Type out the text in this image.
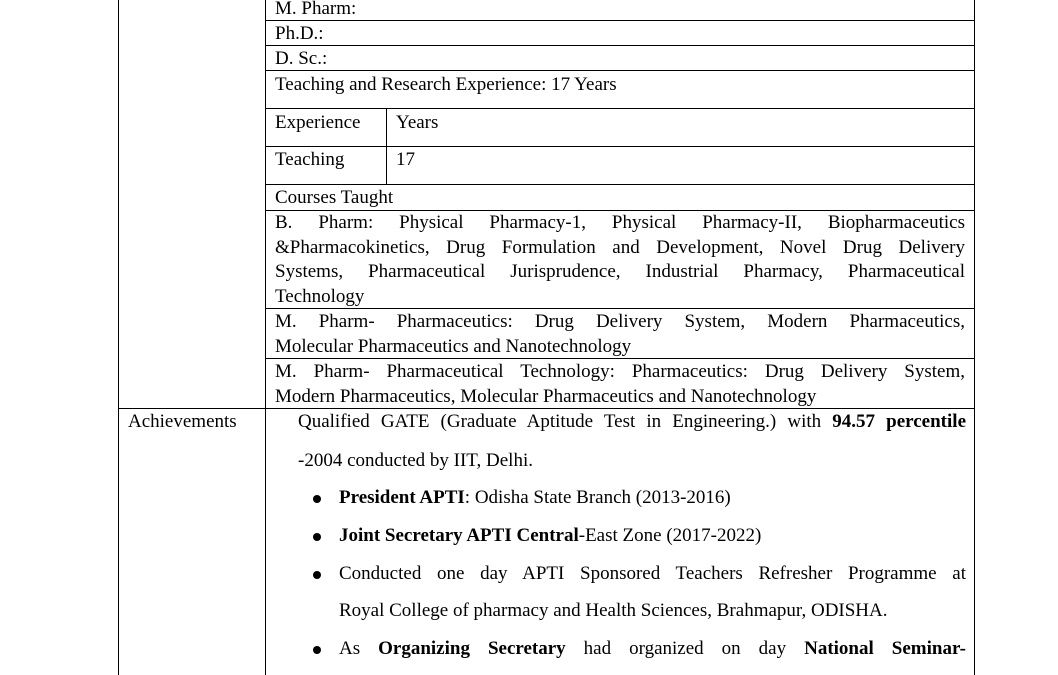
M. Pharm:
Ph.D.:
D. Sc.:
Teaching and Research Experience: 17 Years
Experience Years
Teaching	17
Courses Taught
B. Pharm: Physical Pharmacy-1, Physical Pharmacy-II, Biopharmaceutics
&Pharmacokinetics, Drug Formulation and Development, Novel Drug Delivery
Systems, Pharmaceutical Jurisprudence, Industrial Pharmacy, Pharmaceutical
Technology
M. Pharm- Pharmaceutics: Drug Delivery System, Modern Pharmaceutics,
Molecular Pharmaceutics and Nanotechnology
M. Pharm- Pharmaceutical Technology: Pharmaceutics: Drug Delivery System,
Modern Pharmaceutics, Molecular Pharmaceutics and Nanotechnology
Achievements	Qualified GATE (Graduate Aptitude Test in Engineering.) with 94.57 percentile
-2004 conducted by IIT, Delhi.
President APTI: Odisha State Branch (2013-2016)
Joint Secretary APTI Central-East Zone (2017-2022)
Conducted one day APTI Sponsored Teachers Refresher Programme at
Royal College of pharmacy and Health Sciences, Brahmapur, ODISHA.
As Organizing Secretary had organized on day National Seminar-
